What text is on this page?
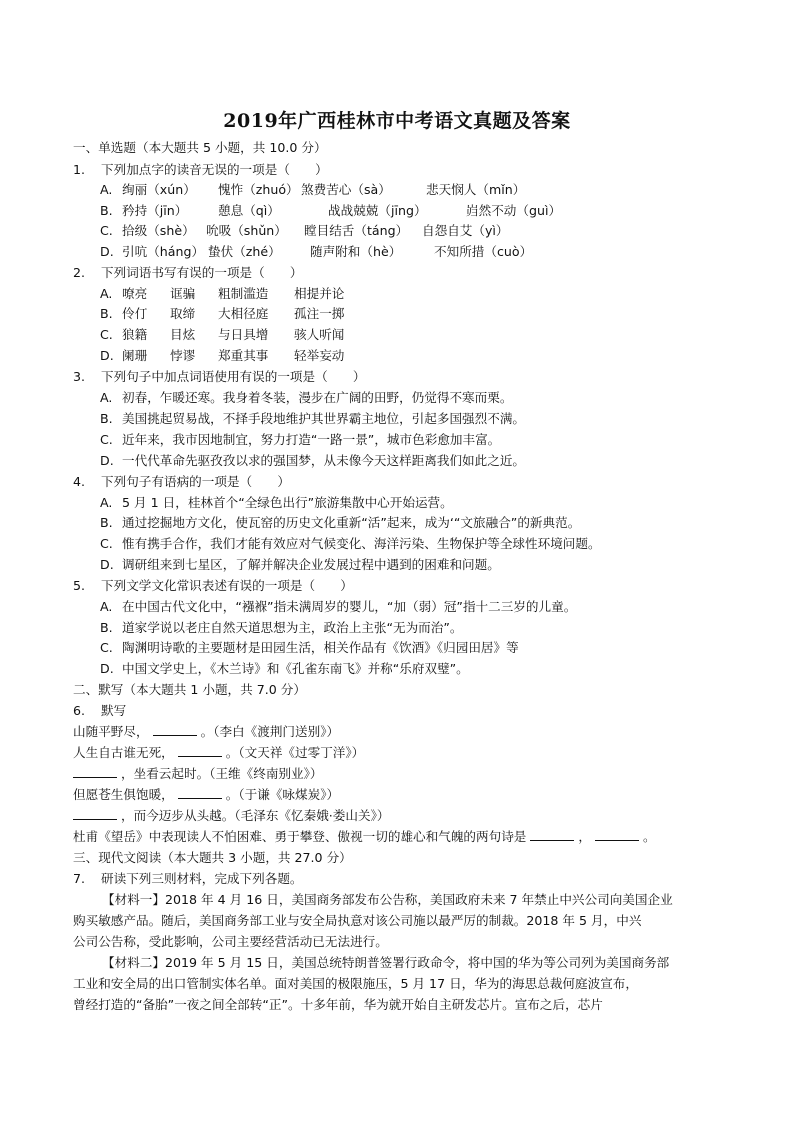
2019年广西桂林市中考语文真题及答案
一、单选题（本大题共 5 小题，共 10.0 分）
1. 下列加点字的读音无误的一项是（　　）
A. 绚丽（xún） 愧怍（zhuó） 煞费苦心（sà）	悲天悯人（mǐn）
B. 矜持（jīn） 憩息（qì）	战战兢兢（jīng）	岿然不动（guì）
C. 拾级（shè） 吮吸（shǔn） 瞠目结舌（táng） 自怨自艾（yì）
D. 引吭（háng） 蛰伏（zhé） 随声附和（hè）	不知所措（cuò）
2. 下列词语书写有误的一项是（　　）
A. 嘹亮 诓骗 粗制滥造 相提并论
B. 伶仃 取缔 大相径庭 孤注一掷
C. 狼籍 目炫 与日具增 骇人听闻
D. 阑珊 悖谬 郑重其事 轻举妄动
3. 下列句子中加点词语使用有误的一项是（　　）
A. 初春，乍暖还寒。我身着冬装，漫步在广阔的田野，仍觉得不寒而栗。
B. 美国挑起贸易战，不择手段地维护其世界霸主地位，引起多国强烈不满。
C. 近年来，我市因地制宜，努力打造“一路一景”，城市色彩愈加丰富。
D. 一代代革命先驱孜孜以求的强国梦，从未像今天这样距离我们如此之近。
4. 下列句子有语病的一项是（　　）
A. 5 月 1 日，桂林首个“全绿色出行”旅游集散中心开始运营。
B. 通过挖掘地方文化，使瓦窑的历史文化重新“活”起来，成为‘“文旅融合”的新典范。
C. 惟有携手合作，我们才能有效应对气候变化、海洋污染、生物保护等全球性环境问题。
D. 调研组来到七星区，了解并解决企业发展过程中遇到的困难和问题。
5. 下列文学文化常识表述有误的一项是（　　）
A. 在中国古代文化中，“襁褓”指未满周岁的婴儿，“加（弱）冠”指十二三岁的儿童。
B. 道家学说以老庄自然天道思想为主，政治上主张“无为而治”。
C. 陶渊明诗歌的主要题材是田园生活，相关作品有《饮酒》《归园田居》等
D. 中国文学史上，《木兰诗》和《孔雀东南飞》并称“乐府双璧”。
二、默写（本大题共 1 小题，共 7.0 分）
6. 默写
山随平野尽，	。（李白《渡荆门送别》）
人生自古谁无死，	。（文天祥《过零丁洋》）
，坐看云起时。（王维《终南别业》）
但愿苍生俱饱暖，	。（于谦《咏煤炭》）
，而今迈步从头越。（毛泽东《忆秦娥·娄山关》）
杜甫《望岳》中表现读人不怕困难、勇于攀登、傲视一切的雄心和气魄的两句诗是	，	。
三、现代文阅读（本大题共 3 小题，共 27.0 分）
7. 研读下列三则材料，完成下列各题。
【材料一】2018 年 4 月 16 日，美国商务部发布公告称，美国政府未来 7 年禁止中兴公司向美国企业
购买敏感产品。随后，美国商务部工业与安全局执意对该公司施以最严厉的制裁。2018 年 5 月，中兴
公司公告称，受此影响，公司主要经营活动已无法进行。
【材料二】2019 年 5 月 15 日，美国总统特朗普签署行政命令，将中国的华为等公司列为美国商务部
工业和安全局的出口管制实体名单。面对美国的极限施压，5 月 17 日，华为的海思总裁何庭波宣布，
曾经打造的“备胎”一夜之间全部转“正”。十多年前，华为就开始自主研发芯片。宣布之后，芯片
